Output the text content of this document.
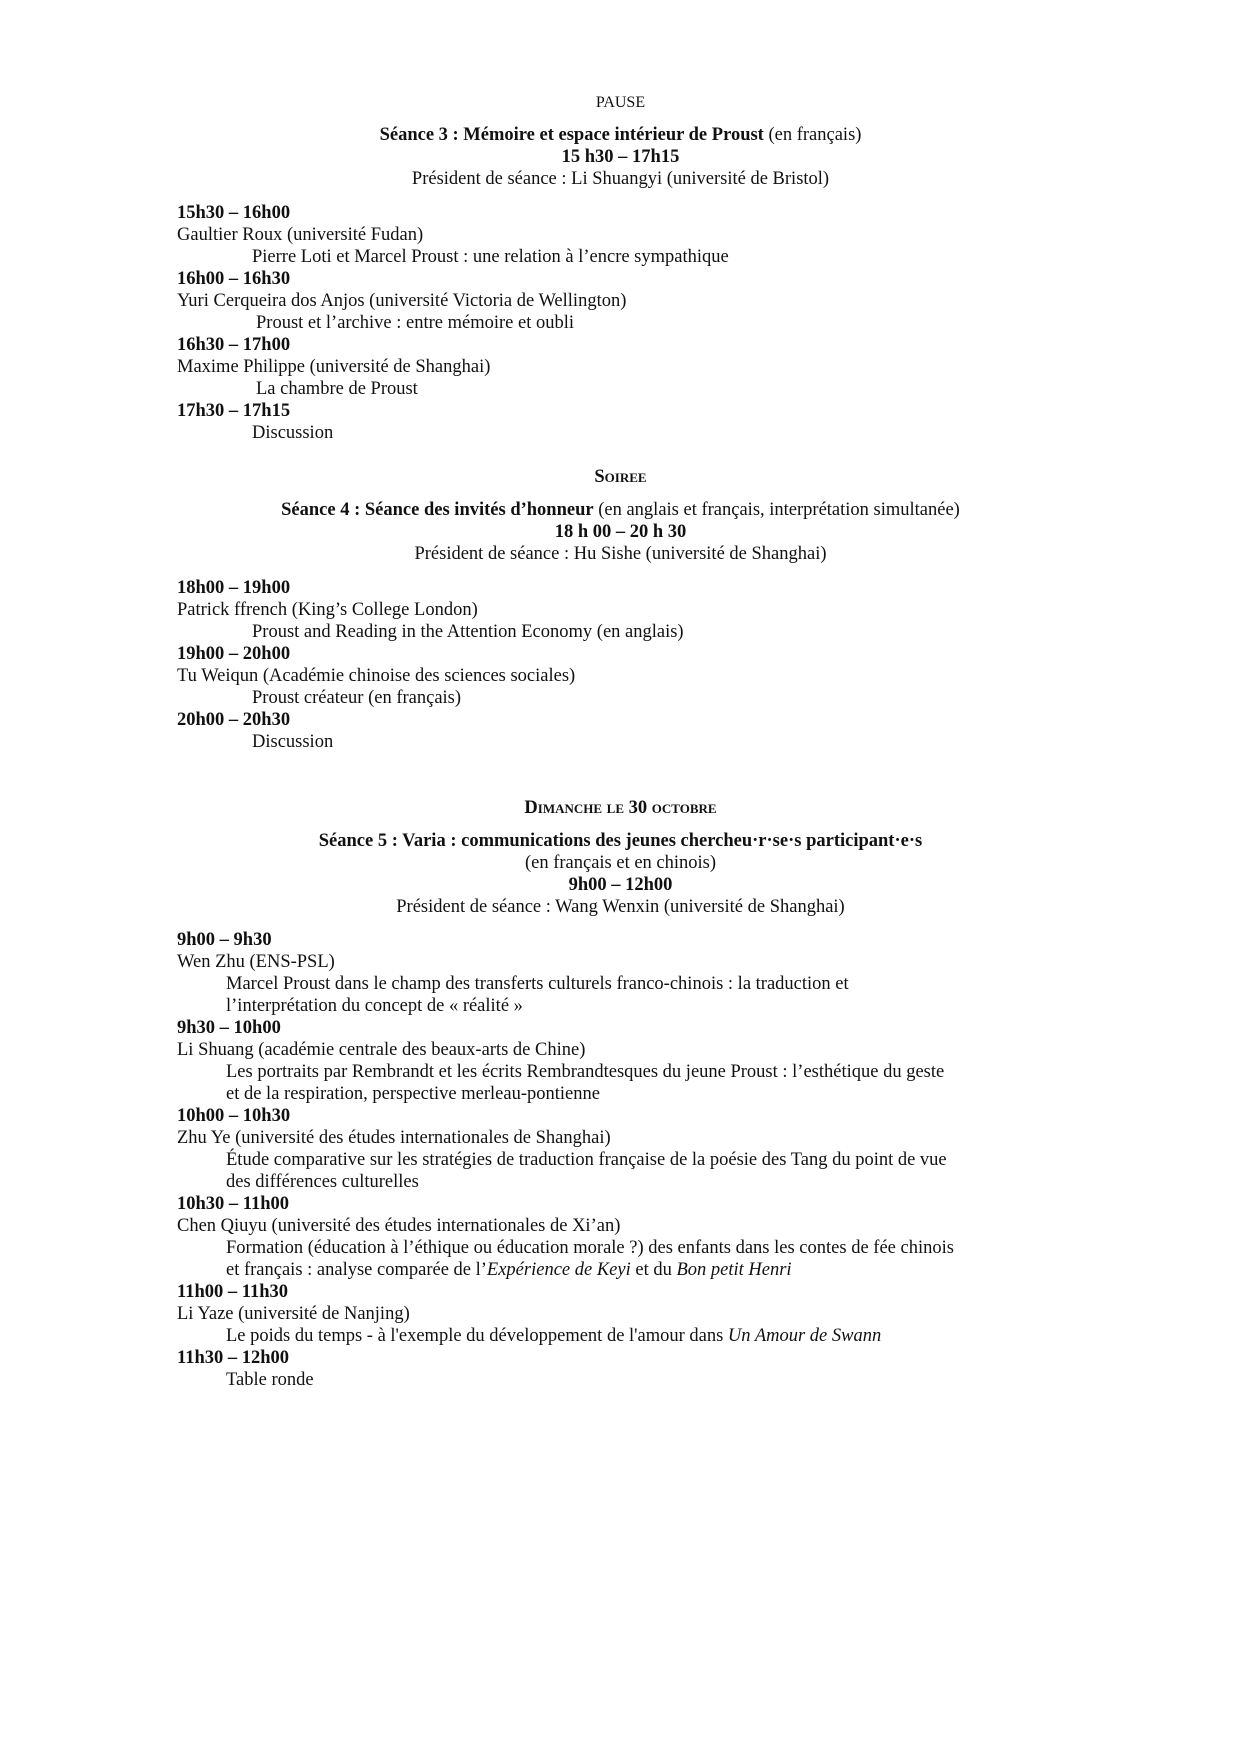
PAUSE
Séance 3 : Mémoire et espace intérieur de Proust (en français)
15 h30 – 17h15
Président de séance : Li Shuangyi (université de Bristol)
15h30 – 16h00
Gaultier Roux (université Fudan)
Pierre Loti et Marcel Proust : une relation à l’encre sympathique
16h00 – 16h30
Yuri Cerqueira dos Anjos (université Victoria de Wellington)
Proust et l’archive : entre mémoire et oubli
16h30 – 17h00
Maxime Philippe (université de Shanghai)
La chambre de Proust
17h30 – 17h15
Discussion
Soiree
Séance 4 : Séance des invités d’honneur (en anglais et français, interprétation simultanée)
18 h 00 – 20 h 30
Président de séance : Hu Sishe (université de Shanghai)
18h00 – 19h00
Patrick ffrench (King’s College London)
Proust and Reading in the Attention Economy (en anglais)
19h00 – 20h00
Tu Weiqun (Académie chinoise des sciences sociales)
Proust créateur (en français)
20h00 – 20h30
Discussion
Dimanche le 30 octobre
Séance 5 : Varia : communications des jeunes chercheu·r·se·s participant·e·s
(en français et en chinois)
9h00 – 12h00
Président de séance : Wang Wenxin (université de Shanghai)
9h00 – 9h30
Wen Zhu (ENS-PSL)
Marcel Proust dans le champ des transferts culturels franco-chinois : la traduction et
l’interprétation du concept de « réalité »
9h30 – 10h00
Li Shuang (académie centrale des beaux-arts de Chine)
Les portraits par Rembrandt et les écrits Rembrandtesques du jeune Proust : l’esthétique du geste
et de la respiration, perspective merleau-pontienne
10h00 – 10h30
Zhu Ye (université des études internationales de Shanghai)
Étude comparative sur les stratégies de traduction française de la poésie des Tang du point de vue
des différences culturelles
10h30 – 11h00
Chen Qiuyu (université des études internationales de Xi’an)
Formation (éducation à l’éthique ou éducation morale ?) des enfants dans les contes de fée chinois
et français : analyse comparée de l’Expérience de Keyi et du Bon petit Henri
11h00 – 11h30
Li Yaze (université de Nanjing)
Le poids du temps - à l'exemple du développement de l'amour dans Un Amour de Swann
11h30 – 12h00
Table ronde
